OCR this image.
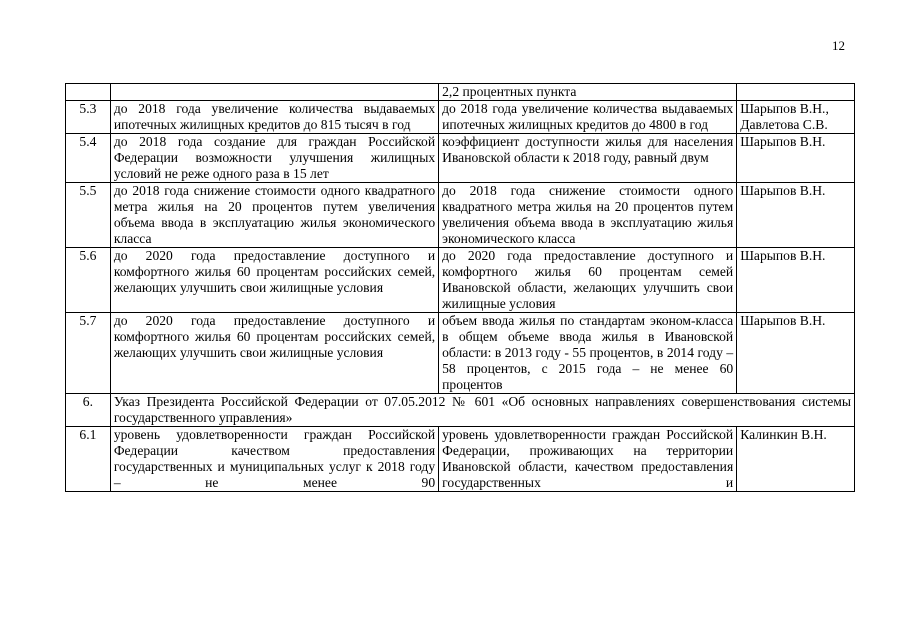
12
		2,2 процентных пункта	
5.3	до 2018 года увеличение количества выдаваемых ипотечных жилищных кредитов до 815 тысяч в год	до 2018 года увеличение количества выдаваемых ипотечных жилищных кредитов до 4800 в год	Шарыпов В.Н., Давлетова С.В.
5.4	до 2018 года создание для граждан Российской Федерации возможности улучшения жилищных условий не реже одного раза в 15 лет	коэффициент доступности жилья для населения Ивановской области к 2018 году, равный двум	Шарыпов В.Н.
5.5	до 2018 года снижение стоимости одного квадратного метра жилья на 20 процентов путем увеличения объема ввода в эксплуатацию жилья экономического класса	до 2018 года снижение стоимости одного квадратного метра жилья на 20 процентов путем увеличения объема ввода в эксплуатацию жилья экономического класса	Шарыпов В.Н.
5.6	до 2020 года предоставление доступного и комфортного жилья 60 процентам российских семей, желающих улучшить свои жилищные условия	до 2020 года предоставление доступного и комфортного жилья 60 процентам семей Ивановской области, желающих улучшить свои жилищные условия	Шарыпов В.Н.
5.7	до 2020 года предоставление доступного и комфортного жилья 60 процентам российских семей, желающих улучшить свои жилищные условия	объем ввода жилья по стандартам эконом-класса в общем объеме ввода жилья в Ивановской области: в 2013 году - 55 процентов, в 2014 году – 58 процентов, с 2015 года – не менее 60 процентов	Шарыпов В.Н.
6.	Указ Президента Российской Федерации от 07.05.2012 № 601 «Об основных направлениях совершенствования системы государственного управления»		
6.1	уровень удовлетворенности граждан Российской Федерации качеством предоставления государственных и муниципальных услуг к 2018 году – не менее 90	уровень удовлетворенности граждан Российской Федерации, проживающих на территории Ивановской области, качеством предоставления государственных и	Калинкин В.Н.
